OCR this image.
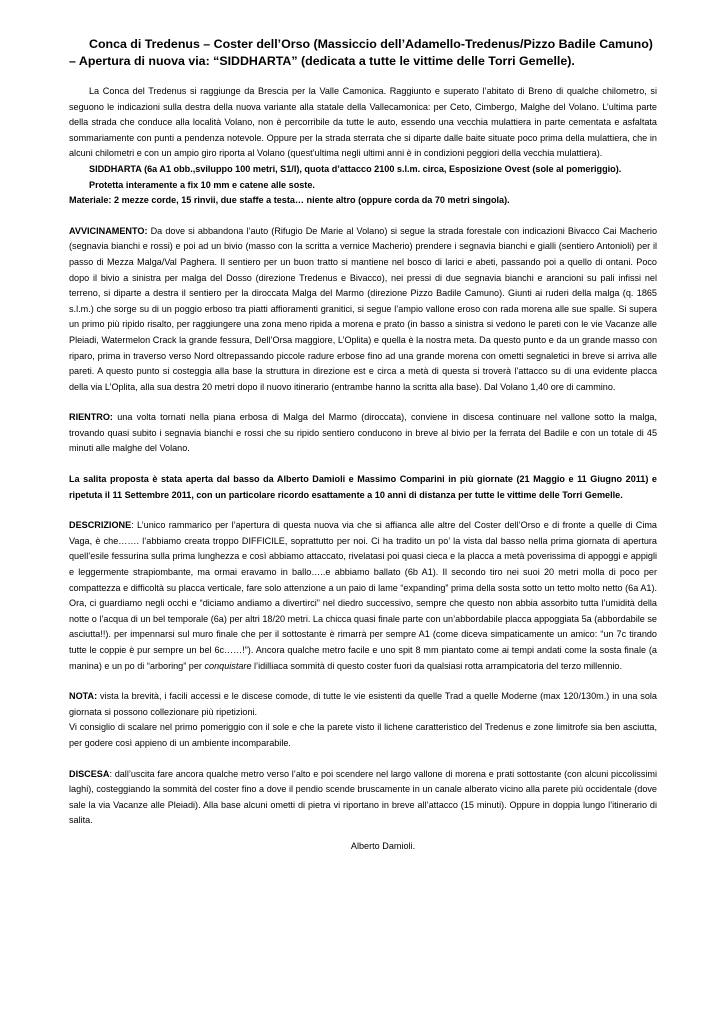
Conca di Tredenus – Coster dell’Orso (Massiccio dell’Adamello-Tredenus/Pizzo Badile Camuno) – Apertura di nuova via: “SIDDHARTA” (dedicata a tutte le vittime delle Torri Gemelle).

La Conca del Tredenus si raggiunge da Brescia per la Valle Camonica. Raggiunto e superato l’abitato di Breno di qualche chilometro, si seguono le indicazioni sulla destra della nuova variante alla statale della Vallecamonica: per Ceto, Cimbergo, Malghe del Volano. L’ultima parte della strada che conduce alla località Volano, non è percorribile da tutte le auto, essendo una vecchia mulattiera in parte cementata e asfaltata sommariamente con punti a pendenza notevole. Oppure per la strada sterrata che si diparte dalle baite situate poco prima della mulattiera, che in alcuni chilometri e con un ampio giro riporta al Volano (quest’ultima negli ultimi anni è in condizioni peggiori della vecchia mulattiera).

SIDDHARTA (6a A1 obb.,sviluppo 100 metri, S1/I), quota d’attacco 2100 s.l.m. circa, Esposizione Ovest (sole al pomeriggio).

Protetta interamente a fix 10 mm e catene alle soste.

Materiale: 2 mezze corde, 15 rinvii, due staffe a testa… niente altro (oppure corda da 70 metri singola).

AVVICINAMENTO: Da dove si abbandona l’auto (Rifugio De Marie al Volano) si segue la strada forestale con indicazioni Bivacco Cai Macherio (segnavia bianchi e rossi) e poi ad un bivio (masso con la scritta a vernice Macherio) prendere i segnavia bianchi e gialli (sentiero Antonioli) per il passo di Mezza Malga/Val Paghera. Il sentiero per un buon tratto si mantiene nel bosco di larici e abeti, passando poi a quello di ontani. Poco dopo il bivio a sinistra per malga del Dosso (direzione Tredenus e Bivacco), nei pressi di due segnavia bianchi e arancioni su pali infissi nel terreno, si diparte a destra il sentiero per la diroccata Malga del Marmo (direzione Pizzo Badile Camuno). Giunti ai ruderi della malga (q. 1865 s.l.m.) che sorge su di un poggio erboso tra piatti affioramenti granitici, si segue l’ampio vallone eroso con rada morena alle sue spalle. Si supera un primo più ripido risalto, per raggiungere una zona meno ripida a morena e prato (in basso a sinistra si vedono le pareti con le vie Vacanze alle Pleiadi, Watermelon Crack la grande fessura, Dell’Orsa maggiore, L’Oplita) e quella è la nostra meta. Da questo punto e da un grande masso con riparo, prima in traverso verso Nord oltrepassando piccole radure erbose fino ad una grande morena con ometti segnaletici in breve si arriva alle pareti. A questo punto si costeggia alla base la struttura in direzione est e circa a metà di questa si troverà l’attacco su di una evidente placca della via L’Oplita, alla sua destra 20 metri dopo il nuovo itinerario (entrambe hanno la scritta alla base). Dal Volano 1,40 ore di cammino.

RIENTRO: una volta tornati nella piana erbosa di Malga del Marmo (diroccata), conviene in discesa continuare nel vallone sotto la malga, trovando quasi subito i segnavia bianchi e rossi che su ripido sentiero conducono in breve al bivio per la ferrata del Badile e con un totale di 45 minuti alle malghe del Volano.

La salita proposta è stata aperta dal basso da Alberto Damioli e Massimo Comparini in più giornate (21 Maggio e 11 Giugno 2011) e ripetuta il 11 Settembre 2011, con un particolare ricordo esattamente a 10 anni di distanza per tutte le vittime delle Torri Gemelle.

DESCRIZIONE: L’unico rammarico per l’apertura di questa nuova via che si affianca alle altre del Coster dell’Orso e di fronte a quelle di Cima Vaga, è che……. l’abbiamo creata troppo DIFFICILE, soprattutto per noi. Ci ha tradito un po’ la vista dal basso nella prima giornata di apertura quell’esile fessurina sulla prima lunghezza e così abbiamo attaccato, rivelatasi poi quasi cieca e la placca a metà poverissima di appoggi e appigli e leggermente strapiombante, ma ormai eravamo in ballo…..e abbiamo ballato (6b A1). Il secondo tiro nei suoi 20 metri molla di poco per compattezza e difficoltà su placca verticale, fare solo attenzione a un paio di lame “expanding” prima della sosta sotto un tetto molto netto (6a A1). Ora, ci guardiamo negli occhi e “diciamo andiamo a divertirci” nel diedro successivo, sempre che questo non abbia assorbito tutta l’umidità della notte o l’acqua di un bel temporale (6a) per altri 18/20 metri. La chicca quasi finale parte con un’abbordabile placca appoggiata 5a (abbordabile se asciutta!!). per impennarsi sul muro finale che per il sottostante è rimarrà per sempre A1 (come diceva simpaticamente un amico: “un 7c tirando tutte le coppie è pur sempre un bel 6c……!”). Ancora qualche metro facile e uno spit 8 mm piantato come ai tempi andati come la sosta finale (a manina) e un po di “arboring” per conquistare l’idilliaca sommità di questo coster fuori da qualsiasi rotta arrampicatoria del terzo millennio.

NOTA: vista la brevità, i facili accessi e le discese comode, di tutte le vie esistenti da quelle Trad a quelle Moderne (max 120/130m.) in una sola giornata si possono collezionare più ripetizioni.

Vi consiglio di scalare nel primo pomeriggio con il sole e che la parete visto il lichene caratteristico del Tredenus e zone limitrofe sia ben asciutta, per godere così appieno di un ambiente incomparabile.

DISCESA: dall’uscita fare ancora qualche metro verso l’alto e poi scendere nel largo vallone di morena e prati sottostante (con alcuni piccolissimi laghi), costeggiando la sommità del coster fino a dove il pendio scende bruscamente in un canale alberato vicino alla parete più occidentale (dove sale la via Vacanze alle Pleiadi). Alla base alcuni ometti di pietra vi riportano in breve all’attacco (15 minuti). Oppure in doppia lungo l’itinerario di salita.

Alberto Damioli.
